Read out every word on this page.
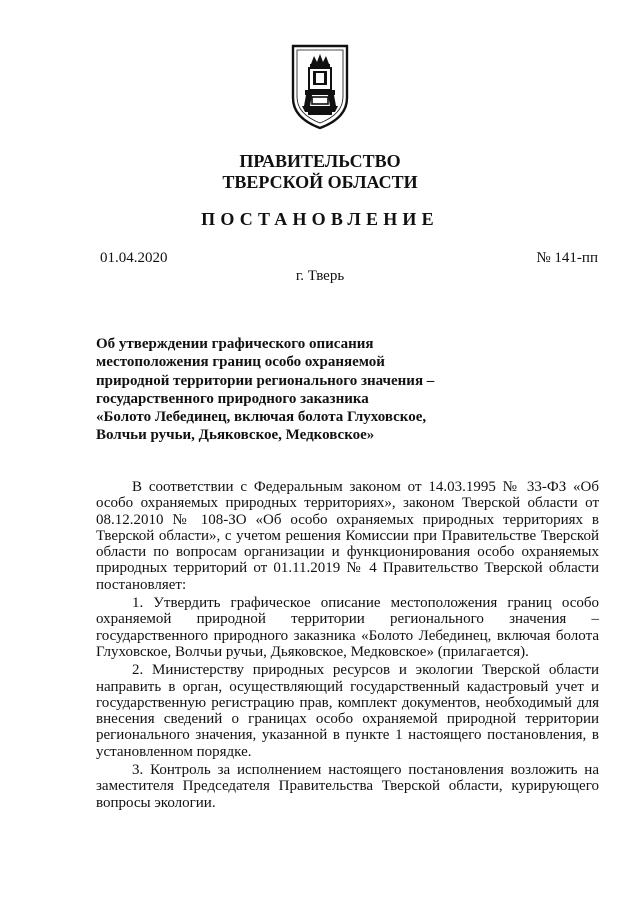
ПРАВИТЕЛЬСТВО
ТВЕРСКОЙ ОБЛАСТИ
ПОСТАНОВЛЕНИЕ
01.04.2020	№ 141-пп
г. Тверь
Об утверждении графического описания
местоположения границ особо охраняемой
природной территории регионального значения –
государственного природного заказника
«Болото Лебединец, включая болота Глуховское,
Волчьи ручьи, Дьяковское, Медковское»

В соответствии с Федеральным законом от 14.03.1995 № 33-ФЗ «Об особо охраняемых природных территориях», законом Тверской области от 08.12.2010 № 108-ЗО «Об особо охраняемых природных территориях в Тверской области», с учетом решения Комиссии при Правительстве Тверской области по вопросам организации и функционирования особо охраняемых природных территорий от 01.11.2019 № 4 Правительство Тверской области постановляет:

1. Утвердить графическое описание местоположения границ особо охраняемой природной территории регионального значения – государственного природного заказника «Болото Лебединец, включая болота Глуховское, Волчьи ручьи, Дьяковское, Медковское» (прилагается).

2. Министерству природных ресурсов и экологии Тверской области направить в орган, осуществляющий государственный кадастровый учет и государственную регистрацию прав, комплект документов, необходимый для внесения сведений о границах особо охраняемой природной территории регионального значения, указанной в пункте 1 настоящего постановления, в установленном порядке.

3. Контроль за исполнением настоящего постановления возложить на заместителя Председателя Правительства Тверской области, курирующего вопросы экологии.
